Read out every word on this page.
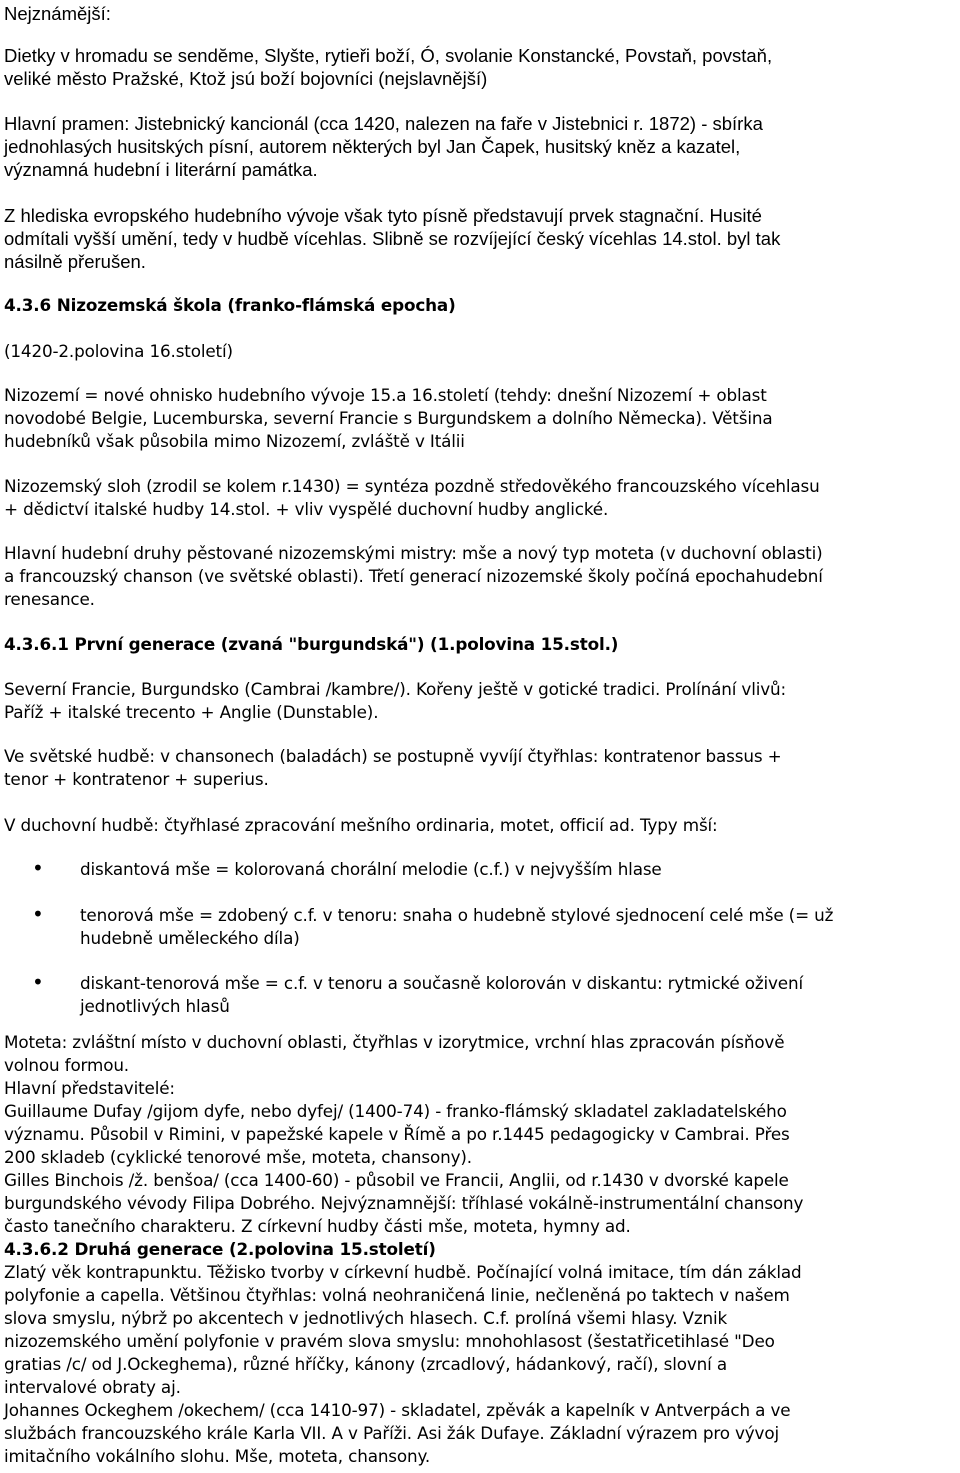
Nejznámější:
Dietky v hromadu se sendĕme, Slyšte, rytieři boží, Ó, svolanie Konstancké, Povstaň, povstaň,
veliké město Pražské, Ktož jsú boží bojovníci (nejslavnější)
Hlavní pramen: Jistebnický kancionál (cca 1420, nalezen na faře v Jistebnici r. 1872) - sbírka
jednohlasých husitských písní, autorem některých byl Jan Čapek, husitský kněz a kazatel,
významná hudební i literární památka.
Z hlediska evropského hudebního vývoje však tyto písně představují prvek stagnační. Husité
odmítali vyšší umění, tedy v hudbě vícehlas. Slibně se rozvíjející český vícehlas 14.stol. byl tak
násilně přerušen.
4.3.6 Nizozemská škola (franko-flámská epocha)
(1420-2.polovina 16.století)
Nizozemí = nové ohnisko hudebního vývoje 15.a 16.století (tehdy: dnešní Nizozemí + oblast
novodobé Belgie, Lucemburska, severní Francie s Burgundskem a dolního Německa). Většina
hudebníků však působila mimo Nizozemí, zvláště v Itálii
Nizozemský sloh (zrodil se kolem r.1430) = syntéza pozdně středověkého francouzského vícehlasu
+ dědictví italské hudby 14.stol. + vliv vyspělé duchovní hudby anglické.
Hlavní hudební druhy pěstované nizozemskými mistry: mše a nový typ moteta (v duchovní oblasti)
a francouzský chanson (ve světské oblasti). Třetí generací nizozemské školy počíná epochahudební
renesance.
4.3.6.1 První generace (zvaná "burgundská") (1.polovina 15.stol.)
Severní Francie, Burgundsko (Cambrai /kambre/). Kořeny ještě v gotické tradici. Prolínání vlivů:
Paříž + italské trecento + Anglie (Dunstable).
Ve světské hudbě: v chansonech (baladách) se postupně vyvíjí čtyřhlas: kontratenor bassus +
tenor + kontratenor + superius.
V duchovní hudbě: čtyřhlasé zpracování mešního ordinaria, motet, officií ad. Typy mší:
• diskantová mše = kolorovaná chorální melodie (c.f.) v nejvyšším hlase
• tenorová mše = zdobený c.f. v tenoru: snaha o hudebně stylové sjednocení celé mše (= už
hudebně uměleckého díla)
• diskant-tenorová mše = c.f. v tenoru a současně kolorován v diskantu: rytmické oživení
jednotlivých hlasů
Moteta: zvláštní místo v duchovní oblasti, čtyřhlas v izorytmice, vrchní hlas zpracován písňově
volnou formou.
Hlavní představitelé:
Guillaume Dufay /gijom dyfe, nebo dyfej/ (1400-74) - franko-flámský skladatel zakladatelského
významu. Působil v Rimini, v papežské kapele v Římě a po r.1445 pedagogicky v Cambrai. Přes
200 skladeb (cyklické tenorové mše, moteta, chansony).
Gilles Binchois /ž. benšoa/ (cca 1400-60) - působil ve Francii, Anglii, od r.1430 v dvorské kapele
burgundského vévody Filipa Dobrého. Nejvýznamnější: tříhlasé vokálně-instrumentální chansony
často tanečního charakteru. Z církevní hudby části mše, moteta, hymny ad.
4.3.6.2 Druhá generace (2.polovina 15.století)
Zlatý věk kontrapunktu. Těžisko tvorby v církevní hudbě. Počínající volná imitace, tím dán základ
polyfonie a capella. Většinou čtyřhlas: volná neohraničená linie, nečleněná po taktech v našem
slova smyslu, nýbrž po akcentech v jednotlivých hlasech. C.f. prolíná všemi hlasy. Vznik
nizozemského umění polyfonie v pravém slova smyslu: mnohohlasost (šestatřicetihlasé "Deo
gratias /c/ od J.Ockeghema), různé hříčky, kánony (zrcadlový, hádankový, račí), slovní a
intervalové obraty aj.
Johannes Ockeghem /okechem/ (cca 1410-97) - skladatel, zpěvák a kapelník v Antverpách a ve
službách francouzského krále Karla VII. A v Paříži. Asi žák Dufaye. Základní výrazem pro vývoj
imitačního vokálního slohu. Mše, moteta, chansony.
